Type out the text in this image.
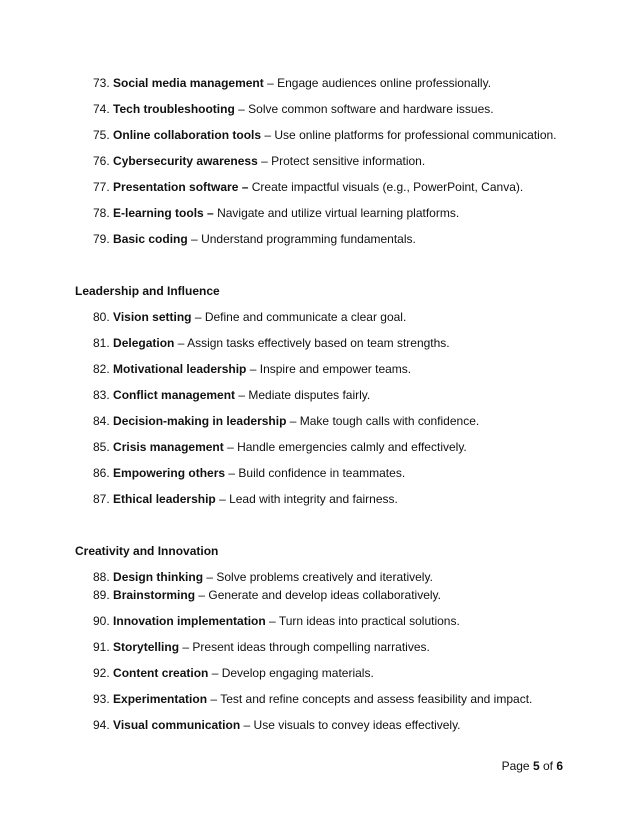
73. Social media management – Engage audiences online professionally.
74. Tech troubleshooting – Solve common software and hardware issues.
75. Online collaboration tools – Use online platforms for professional communication.
76. Cybersecurity awareness – Protect sensitive information.
77. Presentation software – Create impactful visuals (e.g., PowerPoint, Canva).
78. E-learning tools – Navigate and utilize virtual learning platforms.
79. Basic coding – Understand programming fundamentals.
Leadership and Influence
80. Vision setting – Define and communicate a clear goal.
81. Delegation – Assign tasks effectively based on team strengths.
82. Motivational leadership – Inspire and empower teams.
83. Conflict management – Mediate disputes fairly.
84. Decision-making in leadership – Make tough calls with confidence.
85. Crisis management – Handle emergencies calmly and effectively.
86. Empowering others – Build confidence in teammates.
87. Ethical leadership – Lead with integrity and fairness.
Creativity and Innovation
88. Design thinking – Solve problems creatively and iteratively.
89. Brainstorming – Generate and develop ideas collaboratively.
90. Innovation implementation – Turn ideas into practical solutions.
91. Storytelling – Present ideas through compelling narratives.
92. Content creation – Develop engaging materials.
93. Experimentation – Test and refine concepts and assess feasibility and impact.
94. Visual communication – Use visuals to convey ideas effectively.
Page 5 of 6
